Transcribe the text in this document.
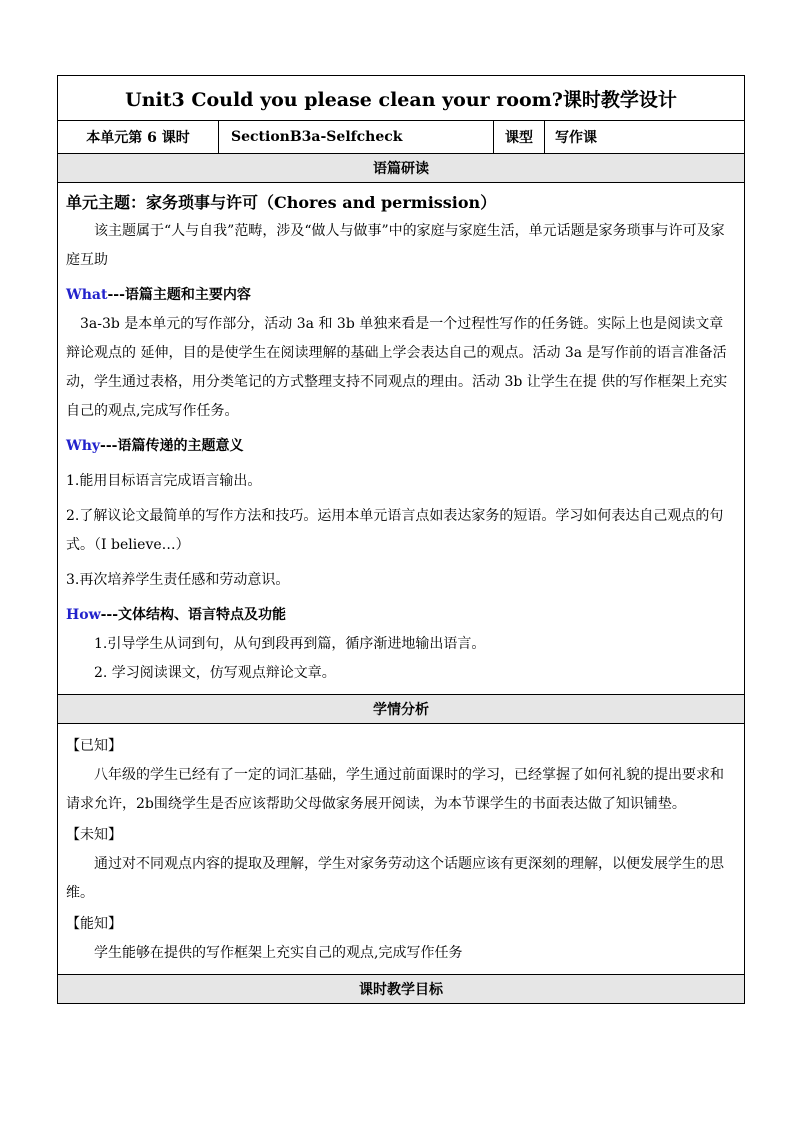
Unit3 Could you please clean your room?课时教学设计
本单元第 6 课时	SectionB3a-Selfcheck	课型	写作课
语篇研读

单元主题：家务琐事与许可（Chores and permission）

该主题属于“人与自我”范畴，涉及“做人与做事”中的家庭与家庭生活，单元话题是家务琐事与许可及家庭互助

What---语篇主题和主要内容

3a-3b 是本单元的写作部分，活动 3a 和 3b 单独来看是一个过程性写作的任务链。实际上也是阅读文章辩论观点的 延伸，目的是使学生在阅读理解的基础上学会表达自己的观点。活动 3a 是写作前的语言准备活动，学生通过表格，用分类笔记的方式整理支持不同观点的理由。活动 3b 让学生在提 供的写作框架上充实自己的观点,完成写作任务。

Why---语篇传递的主题意义

1.能用目标语言完成语言输出。

2.了解议论文最简单的写作方法和技巧。运用本单元语言点如表达家务的短语。学习如何表达自己观点的句式。（I believe…）

3.再次培养学生责任感和劳动意识。

How---文体结构、语言特点及功能

1.引导学生从词到句，从句到段再到篇，循序渐进地输出语言。

2. 学习阅读课文，仿写观点辩论文章。

学情分析

【已知】

八年级的学生已经有了一定的词汇基础，学生通过前面课时的学习，已经掌握了如何礼貌的提出要求和请求允许，2b围绕学生是否应该帮助父母做家务展开阅读，为本节课学生的书面表达做了知识铺垫。

【未知】

通过对不同观点内容的提取及理解，学生对家务劳动这个话题应该有更深刻的理解，以便发展学生的思维。

【能知】

学生能够在提供的写作框架上充实自己的观点,完成写作任务

课时教学目标
